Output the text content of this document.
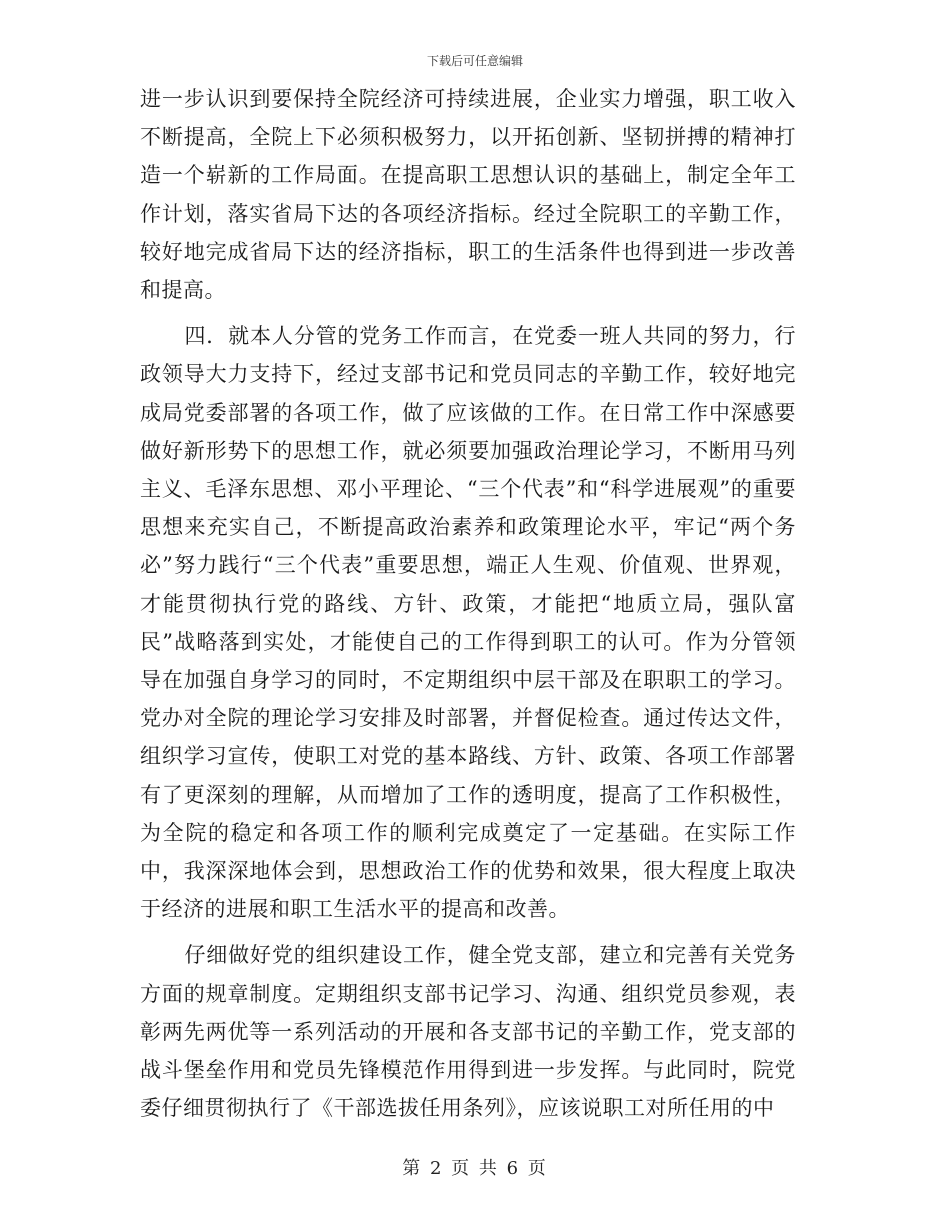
下载后可任意编辑

进一步认识到要保持全院经济可持续进展，企业实力增强，职工收入不断提高，全院上下必须积极努力，以开拓创新、坚韧拼搏的精神打造一个崭新的工作局面。在提高职工思想认识的基础上，制定全年工作计划，落实省局下达的各项经济指标。经过全院职工的辛勤工作，较好地完成省局下达的经济指标，职工的生活条件也得到进一步改善和提高。

四．就本人分管的党务工作而言，在党委一班人共同的努力，行政领导大力支持下，经过支部书记和党员同志的辛勤工作，较好地完成局党委部署的各项工作，做了应该做的工作。在日常工作中深感要做好新形势下的思想工作，就必须要加强政治理论学习，不断用马列主义、毛泽东思想、邓小平理论、“三个代表”和“科学进展观”的重要思想来充实自己，不断提高政治素养和政策理论水平，牢记“两个务必”努力践行“三个代表”重要思想，端正人生观、价值观、世界观，才能贯彻执行党的路线、方针、政策，才能把“地质立局，强队富民”战略落到实处，才能使自己的工作得到职工的认可。作为分管领导在加强自身学习的同时，不定期组织中层干部及在职职工的学习。党办对全院的理论学习安排及时部署，并督促检查。通过传达文件，组织学习宣传，使职工对党的基本路线、方针、政策、各项工作部署有了更深刻的理解，从而增加了工作的透明度，提高了工作积极性，为全院的稳定和各项工作的顺利完成奠定了一定基础。在实际工作中，我深深地体会到，思想政治工作的优势和效果，很大程度上取决于经济的进展和职工生活水平的提高和改善。

仔细做好党的组织建设工作，健全党支部，建立和完善有关党务方面的规章制度。定期组织支部书记学习、沟通、组织党员参观，表彰两先两优等一系列活动的开展和各支部书记的辛勤工作，党支部的战斗堡垒作用和党员先锋模范作用得到进一步发挥。与此同时，院党委仔细贯彻执行了《干部选拔任用条列》，应该说职工对所任用的中

第 2 页 共 6 页
